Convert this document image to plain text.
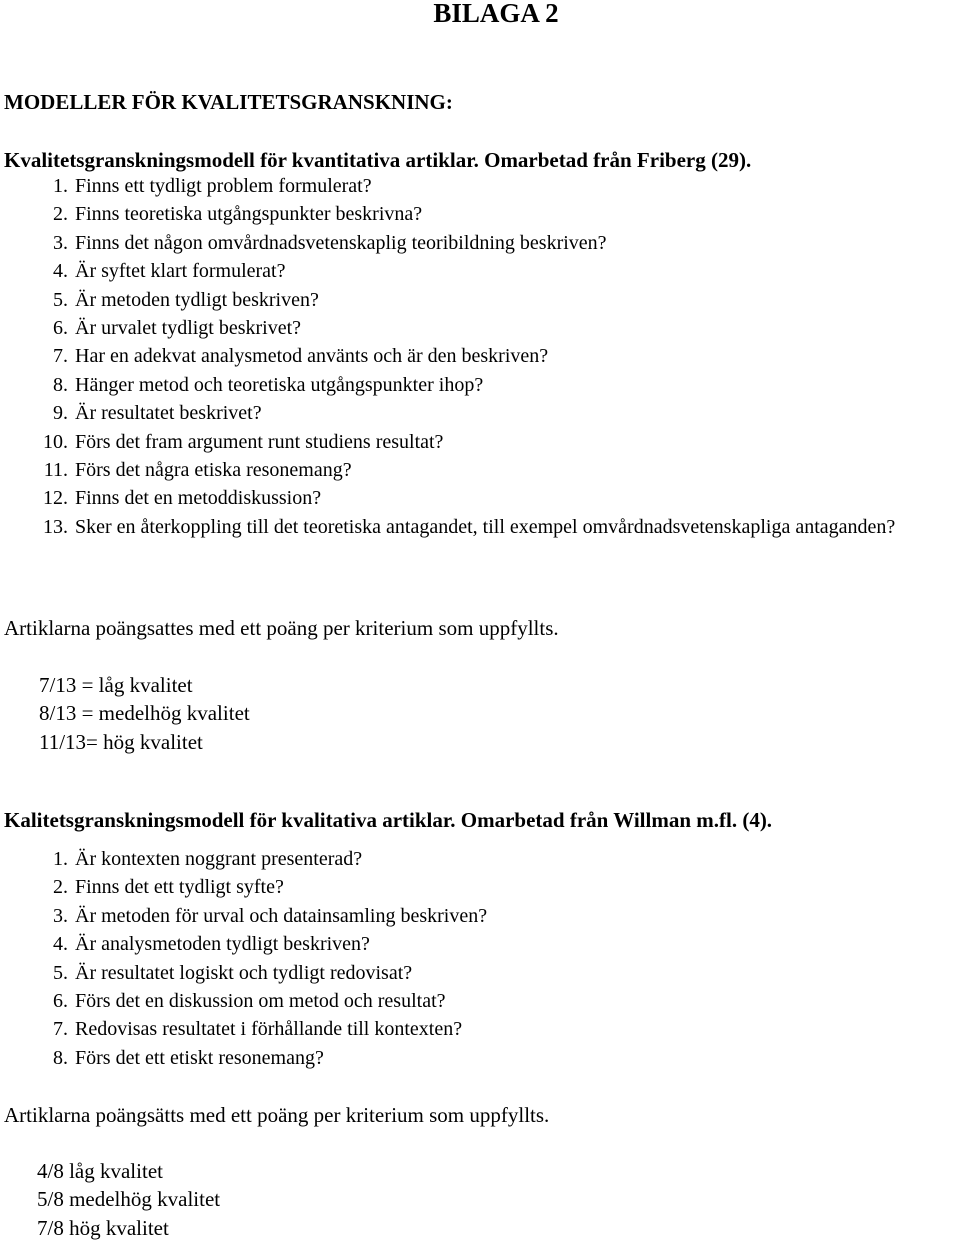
BILAGA 2
MODELLER FÖR KVALITETSGRANSKNING:
Kvalitetsgranskningsmodell för kvantitativa artiklar. Omarbetad från Friberg (29).
1. Finns ett tydligt problem formulerat?
2. Finns teoretiska utgångspunkter beskrivna?
3. Finns det någon omvårdnadsvetenskaplig teoribildning beskriven?
4. Är syftet klart formulerat?
5. Är metoden tydligt beskriven?
6. Är urvalet tydligt beskrivet?
7. Har en adekvat analysmetod använts och är den beskriven?
8. Hänger metod och teoretiska utgångspunkter ihop?
9. Är resultatet beskrivet?
10. Förs det fram argument runt studiens resultat?
11. Förs det några etiska resonemang?
12. Finns det en metoddiskussion?
13. Sker en återkoppling till det teoretiska antagandet, till exempel omvårdnadsvetenskapliga antaganden?
Artiklarna poängsattes med ett poäng per kriterium som uppfyllts.
7/13 = låg kvalitet
8/13 = medelhög kvalitet
11/13= hög kvalitet
Kalitetsgranskningsmodell för kvalitativa artiklar. Omarbetad från Willman m.fl. (4).
1. Är kontexten noggrant presenterad?
2. Finns det ett tydligt syfte?
3. Är metoden för urval och datainsamling beskriven?
4. Är analysmetoden tydligt beskriven?
5. Är resultatet logiskt och tydligt redovisat?
6. Förs det en diskussion om metod och resultat?
7. Redovisas resultatet i förhållande till kontexten?
8. Förs det ett etiskt resonemang?
Artiklarna poängsätts med ett poäng per kriterium som uppfyllts.
4/8 låg kvalitet
5/8 medelhög kvalitet
7/8 hög kvalitet
